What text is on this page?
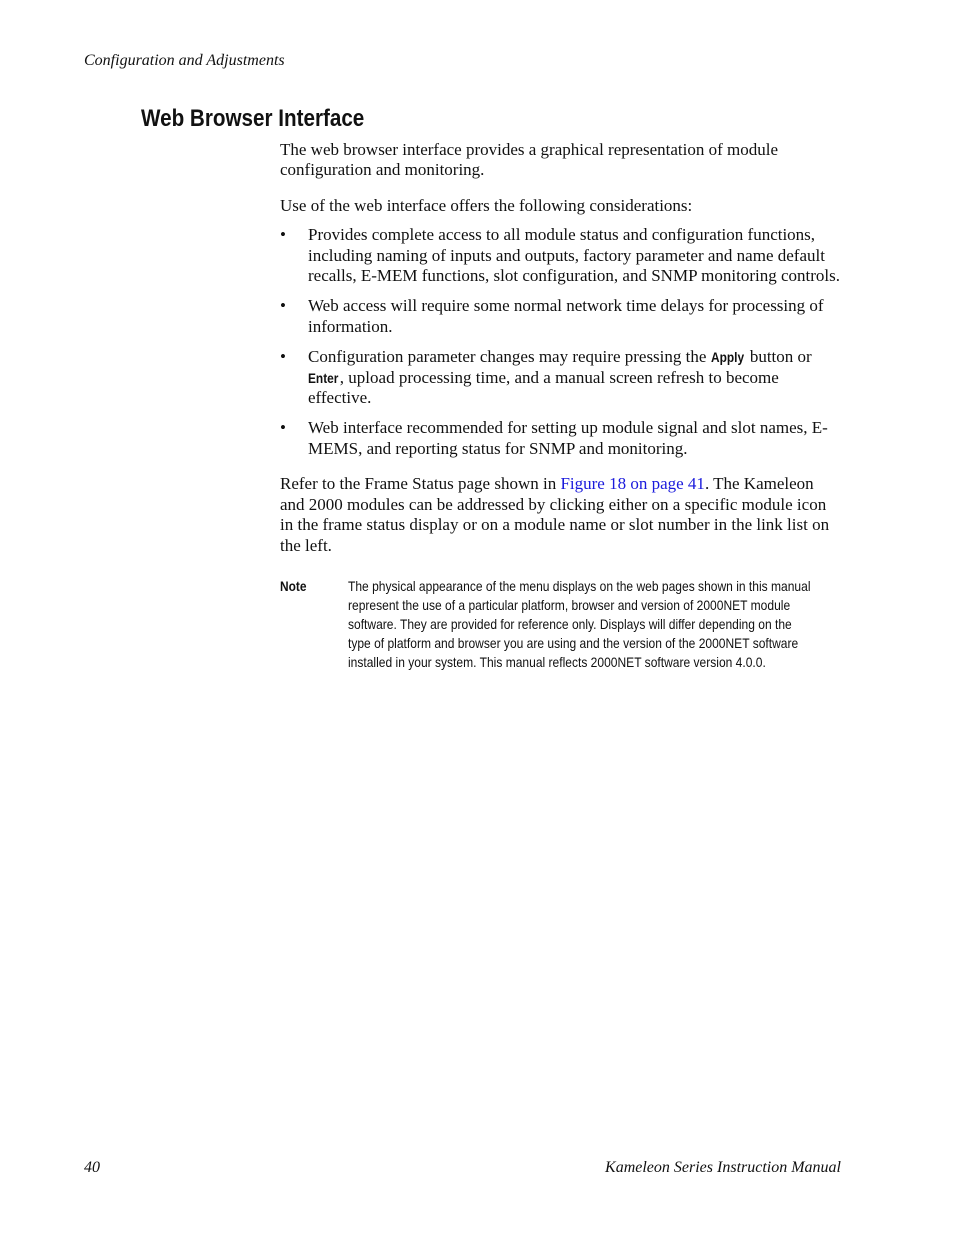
Configuration and Adjustments
Web Browser Interface

The web browser interface provides a graphical representation of module configuration and monitoring.

Use of the web interface offers the following considerations:

• Provides complete access to all module status and configuration functions, including naming of inputs and outputs, factory parameter and name default recalls, E-MEM functions, slot configuration, and SNMP monitoring controls.
• Web access will require some normal network time delays for processing of information.
• Configuration parameter changes may require pressing the Apply button or Enter, upload processing time, and a manual screen refresh to become effective.
• Web interface recommended for setting up module signal and slot names, E-MEMS, and reporting status for SNMP and monitoring.

Refer to the Frame Status page shown in Figure 18 on page 41. The Kameleon and 2000 modules can be addressed by clicking either on a specific module icon in the frame status display or on a module name or slot number in the link list on the left.

Note	The physical appearance of the menu displays on the web pages shown in this manual represent the use of a particular platform, browser and version of 2000NET module software. They are provided for reference only. Displays will differ depending on the type of platform and browser you are using and the version of the 2000NET software installed in your system. This manual reflects 2000NET software version 4.0.0.
40	Kameleon Series Instruction Manual
